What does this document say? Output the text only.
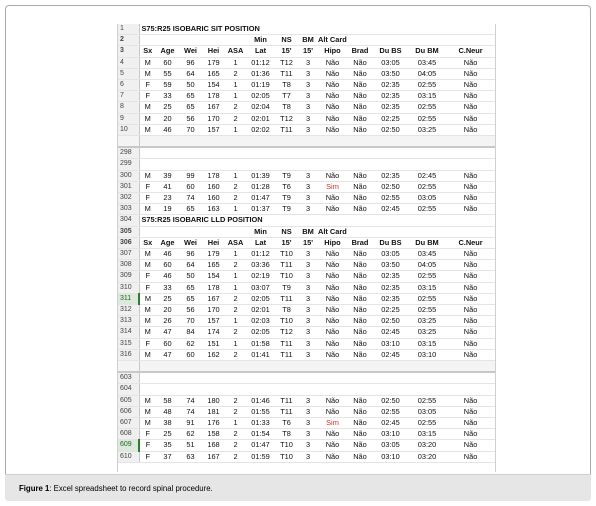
1	S75:R25 ISOBARIC SIT POSITION												
2						Min	NS	BM	Alt Card				
3	Sx	Age	Wei	Hei	ASA	Lat	15'	15'	Hipo	Brad	Du BS	Du BM	C.Neur
4	M	60	96	179	1	01:12	T12	3	Não	Não	03:05	03:45	Não
5	M	55	64	165	2	01:36	T11	3	Não	Não	03:50	04:05	Não
6	F	59	50	154	1	01:19	T8	3	Não	Não	02:35	02:55	Não
7	F	33	65	178	1	02:05	T7	3	Não	Não	02:35	03:15	Não
8	M	25	65	167	2	02:04	T8	3	Não	Não	02:35	02:55	Não
9	M	20	56	170	2	02:01	T12	3	Não	Não	02:25	02:55	Não
10	M	46	70	157	1	02:02	T11	3	Não	Não	02:50	03:25	Não

298													
299													
300	M	39	99	178	1	01:39	T9	3	Não	Não	02:35	02:45	Não
301	F	41	60	160	2	01:28	T6	3	Sim	Não	02:50	02:55	Não
302	F	23	74	160	2	01:47	T9	3	Não	Não	02:55	03:05	Não
303	M	19	65	163	1	01:37	T9	3	Não	Não	02:45	02:55	Não
304	S75:R25 ISOBARIC LLD POSITION												
305						Min	NS	BM	Alt Card				
306	Sx	Age	Wei	Hei	ASA	Lat	15'	15'	Hipo	Brad	Du BS	Du BM	C.Neur
307	M	46	96	179	1	01:12	T10	3	Não	Não	03:05	03:45	Não
308	M	60	64	165	2	03:36	T11	3	Não	Não	03:50	04:05	Não
309	F	46	50	154	1	02:19	T10	3	Não	Não	02:35	02:55	Não
310	F	33	65	178	1	03:07	T9	3	Não	Não	02:35	03:15	Não
311	M	25	65	167	2	02:05	T11	3	Não	Não	02:35	02:55	Não
312	M	20	56	170	2	02:01	T8	3	Não	Não	02:25	02:55	Não
313	M	26	70	157	1	02:03	T10	3	Não	Não	02:50	03:25	Não
314	M	47	84	174	2	02:05	T12	3	Não	Não	02:45	03:25	Não
315	F	60	62	151	1	01:58	T11	3	Não	Não	03:10	03:15	Não
316	M	47	60	162	2	01:41	T11	3	Não	Não	02:45	03:10	Não

603													
604													
605	M	58	74	180	2	01:46	T11	3	Não	Não	02:50	02:55	Não
606	M	48	74	181	2	01:55	T11	3	Não	Não	02:55	03:05	Não
607	M	38	91	176	1	01:33	T6	3	Sim	Não	02:45	02:55	Não
608	F	25	62	158	2	01:54	T8	3	Não	Não	03:10	03:15	Não
609	F	35	51	168	2	01:47	T10	3	Não	Não	03:05	03:20	Não
610	F	37	63	167	2	01:59	T10	3	Não	Não	03:10	03:20	Não
Figure 1: Excel spreadsheet to record spinal procedure.
